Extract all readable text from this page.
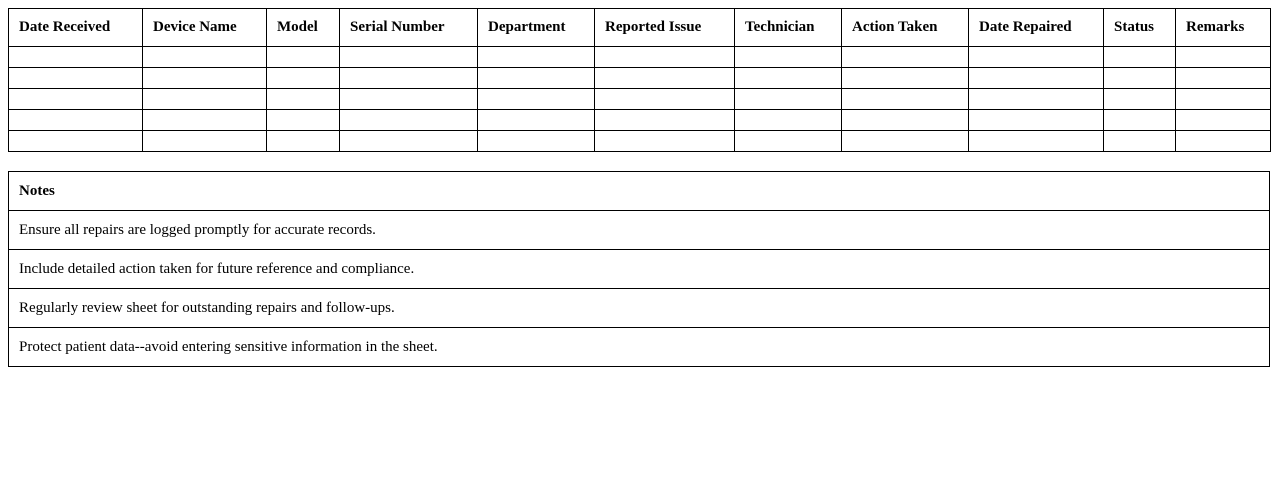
Date Received	Device Name	Model	Serial Number	Department	Reported Issue	Technician	Action Taken	Date Repaired	Status	Remarks

Notes
Ensure all repairs are logged promptly for accurate records.
Include detailed action taken for future reference and compliance.
Regularly review sheet for outstanding repairs and follow-ups.
Protect patient data--avoid entering sensitive information in the sheet.
